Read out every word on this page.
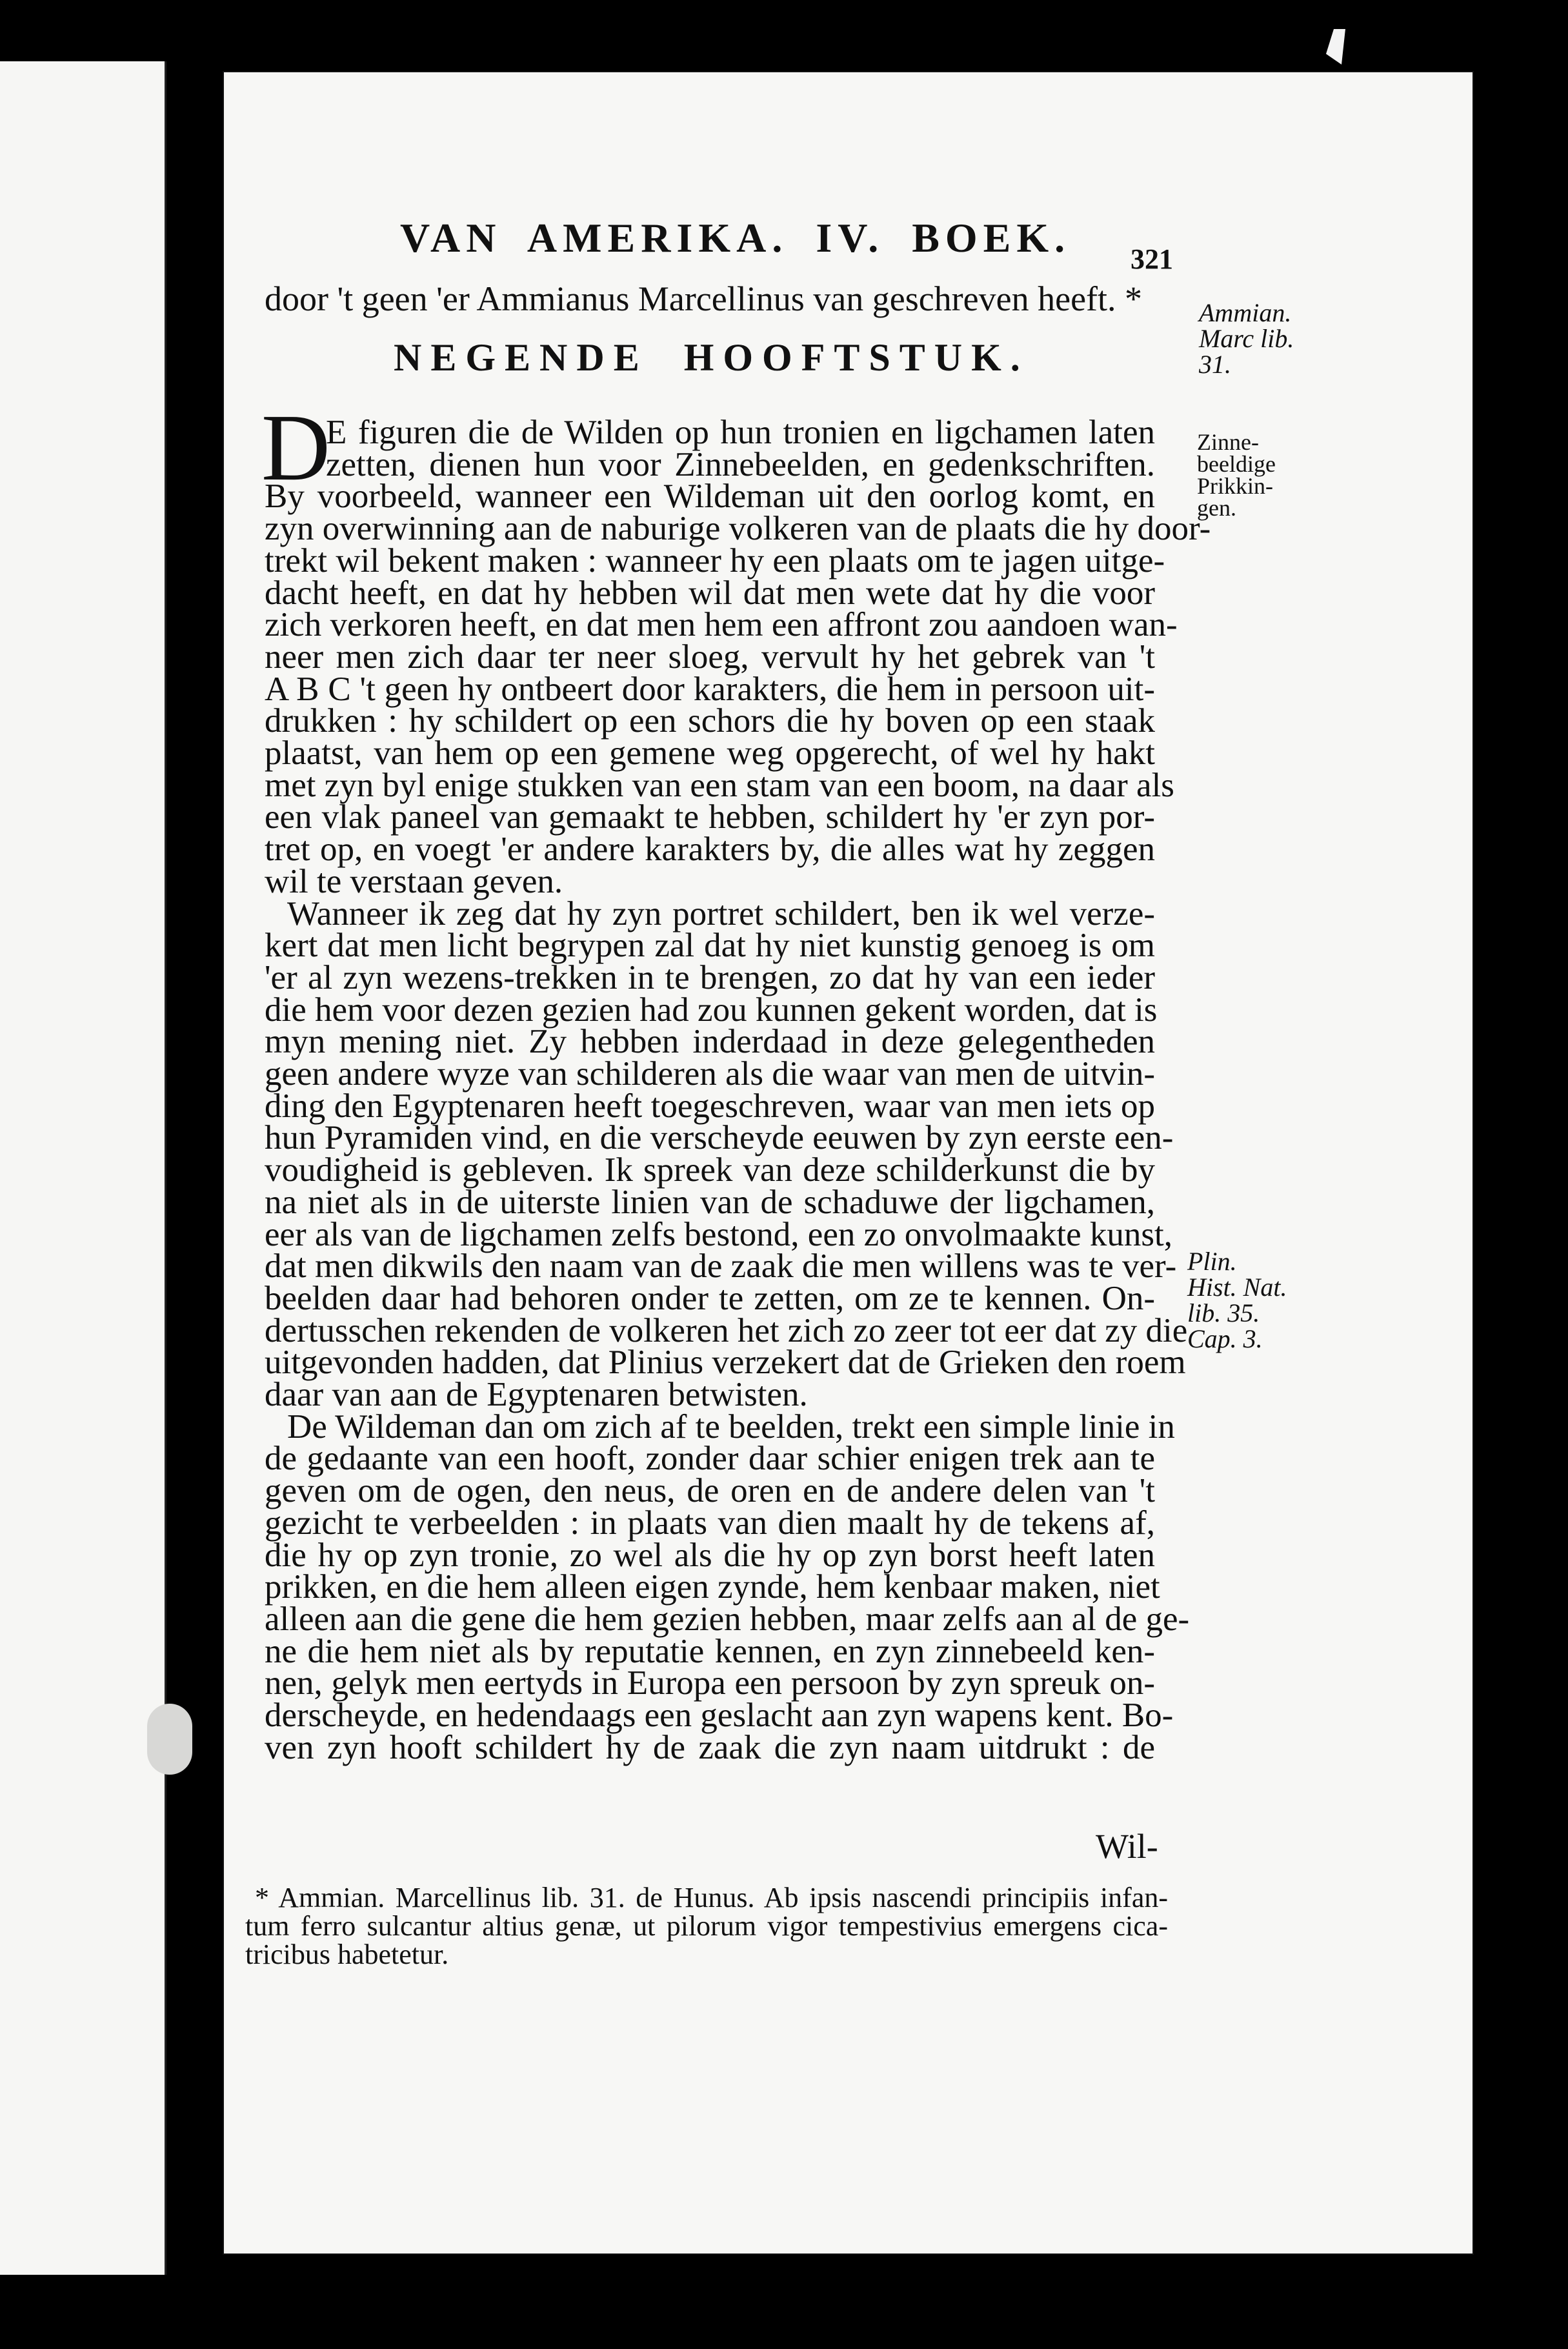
VAN AMERIKA. IV. BOEK. 321
door 't geen 'er Ammianus Marcellinus van geschreven heeft. *
NEGENDE HOOFTSTUK.
D
E figuren die de Wilden op hun tronien en ligchamen laten
zetten, dienen hun voor Zinnebeelden, en gedenkschriften.
By voorbeeld, wanneer een Wildeman uit den oorlog komt, en
zyn overwinning aan de naburige volkeren van de plaats die hy door-
trekt wil bekent maken : wanneer hy een plaats om te jagen uitge-
dacht heeft, en dat hy hebben wil dat men wete dat hy die voor
zich verkoren heeft, en dat men hem een affront zou aandoen wan-
neer men zich daar ter neer sloeg, vervult hy het gebrek van 't
A B C 't geen hy ontbeert door karakters, die hem in persoon uit-
drukken : hy schildert op een schors die hy boven op een staak
plaatst, van hem op een gemene weg opgerecht, of wel hy hakt
met zyn byl enige stukken van een stam van een boom, na daar als
een vlak paneel van gemaakt te hebben, schildert hy 'er zyn por-
tret op, en voegt 'er andere karakters by, die alles wat hy zeggen
wil te verstaan geven.
Wanneer ik zeg dat hy zyn portret schildert, ben ik wel verze-
kert dat men licht begrypen zal dat hy niet kunstig genoeg is om
'er al zyn wezens-trekken in te brengen, zo dat hy van een ieder
die hem voor dezen gezien had zou kunnen gekent worden, dat is
myn mening niet. Zy hebben inderdaad in deze gelegentheden
geen andere wyze van schilderen als die waar van men de uitvin-
ding den Egyptenaren heeft toegeschreven, waar van men iets op
hun Pyramiden vind, en die verscheyde eeuwen by zyn eerste een-
voudigheid is gebleven. Ik spreek van deze schilderkunst die by
na niet als in de uiterste linien van de schaduwe der ligchamen,
eer als van de ligchamen zelfs bestond, een zo onvolmaakte kunst,
dat men dikwils den naam van de zaak die men willens was te ver-
beelden daar had behoren onder te zetten, om ze te kennen. On-
dertusschen rekenden de volkeren het zich zo zeer tot eer dat zy die
uitgevonden hadden, dat Plinius verzekert dat de Grieken den roem
daar van aan de Egyptenaren betwisten.
De Wildeman dan om zich af te beelden, trekt een simple linie in
de gedaante van een hooft, zonder daar schier enigen trek aan te
geven om de ogen, den neus, de oren en de andere delen van 't
gezicht te verbeelden : in plaats van dien maalt hy de tekens af,
die hy op zyn tronie, zo wel als die hy op zyn borst heeft laten
prikken, en die hem alleen eigen zynde, hem kenbaar maken, niet
alleen aan die gene die hem gezien hebben, maar zelfs aan al de ge-
ne die hem niet als by reputatie kennen, en zyn zinnebeeld ken-
nen, gelyk men eertyds in Europa een persoon by zyn spreuk on-
derscheyde, en hedendaags een geslacht aan zyn wapens kent. Bo-
ven zyn hooft schildert hy de zaak die zyn naam uitdrukt : de
Ammian.
Marc lib.
31.
Zinne-
beeldige
Prikkin-
gen.
Plin.
Hist. Nat.
lib. 35.
Cap. 3.
Wil-
* Ammian. Marcellinus lib. 31. de Hunus. Ab ipsis nascendi principiis infan-
tum ferro sulcantur altius genæ, ut pilorum vigor tempestivius emergens cica-
tricibus habetetur.
